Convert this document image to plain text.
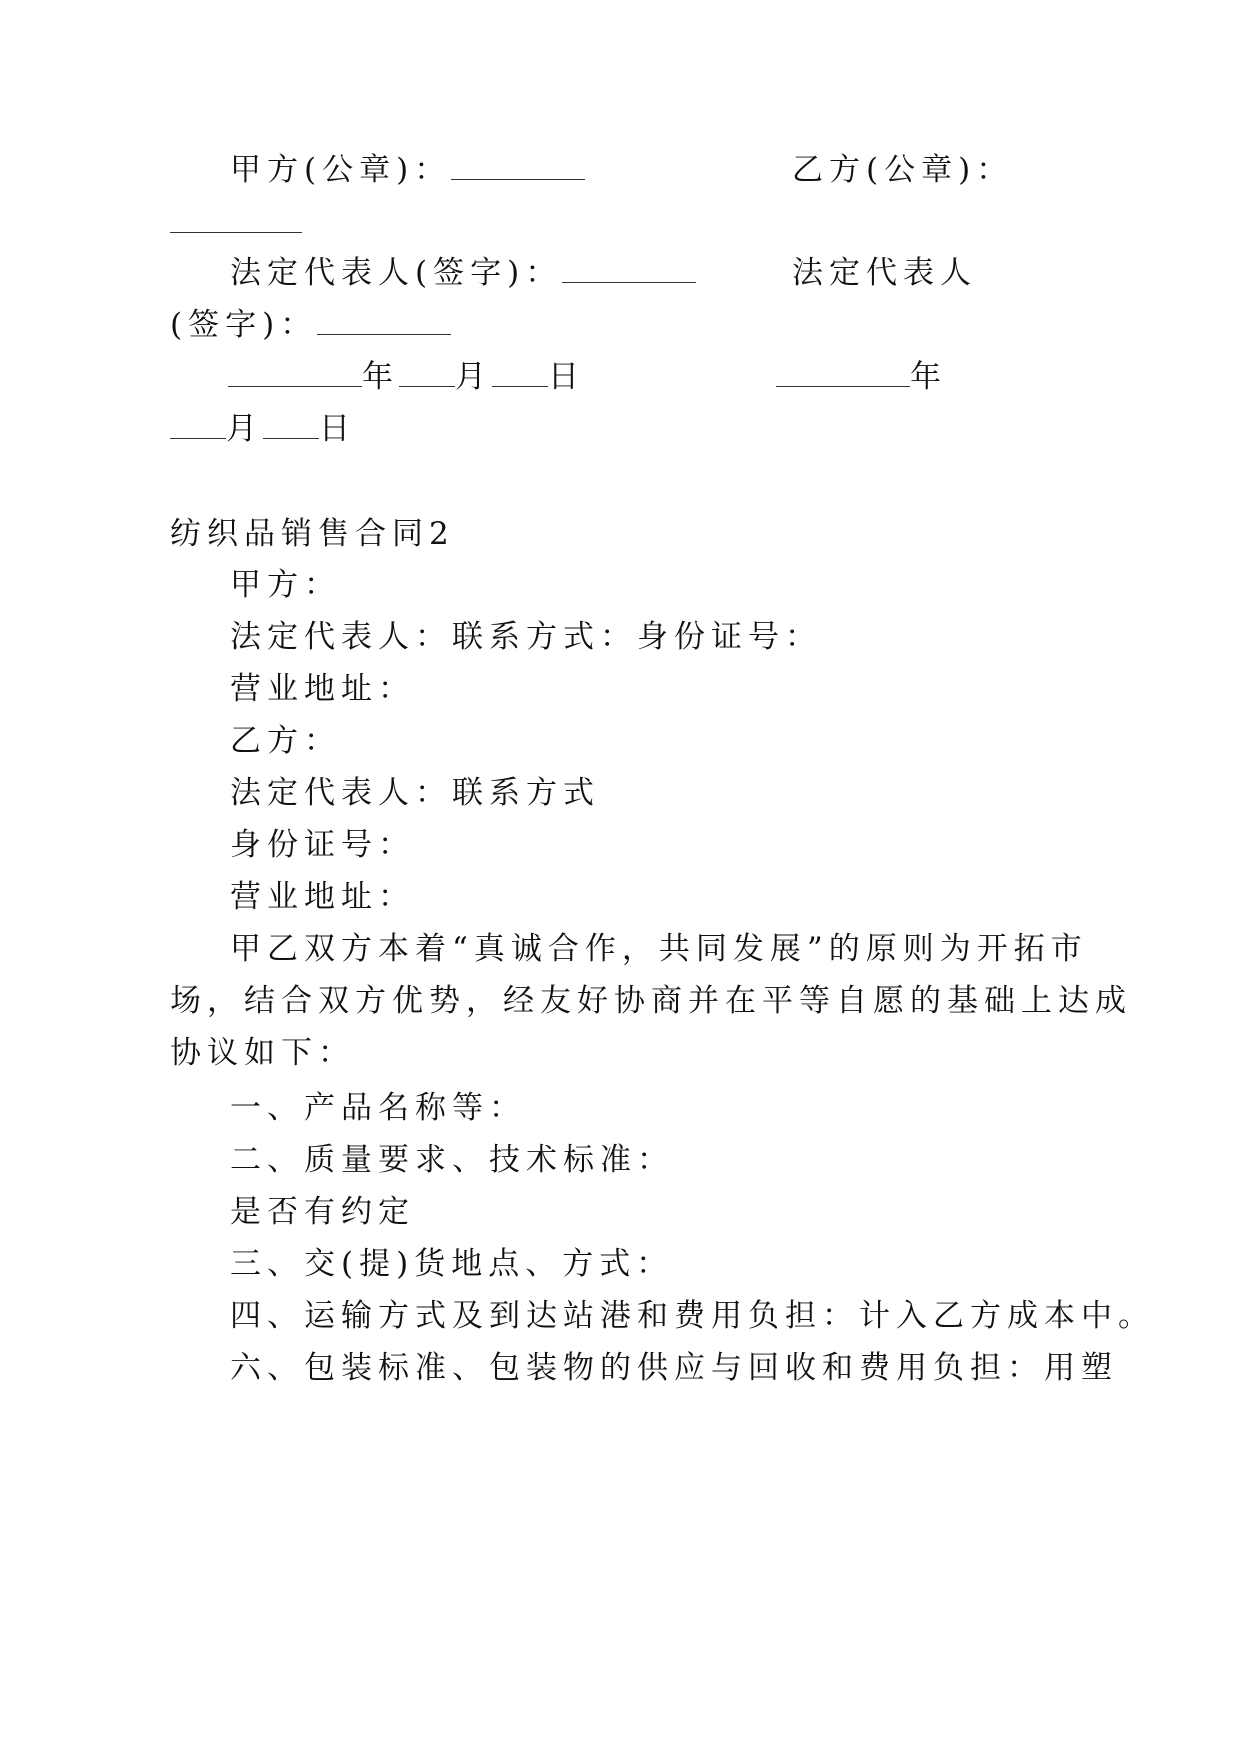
甲方(公章)：	乙方(公章)：
法定代表人(签字)：	法定代表人
(签字)：
年 月 日	年
月 日
纺织品销售合同2
甲方：
法定代表人：联系方式：身份证号：
营业地址：
乙方：
法定代表人：联系方式
身份证号：
营业地址：
甲乙双方本着“真诚合作，共同发展”的原则为开拓市
场，结合双方优势，经友好协商并在平等自愿的基础上达成
协议如下：
一、产品名称等：
二、质量要求、技术标准：
是否有约定
三、交(提)货地点、方式：
四、运输方式及到达站港和费用负担：计入乙方成本中。
六、包装标准、包装物的供应与回收和费用负担：用塑
